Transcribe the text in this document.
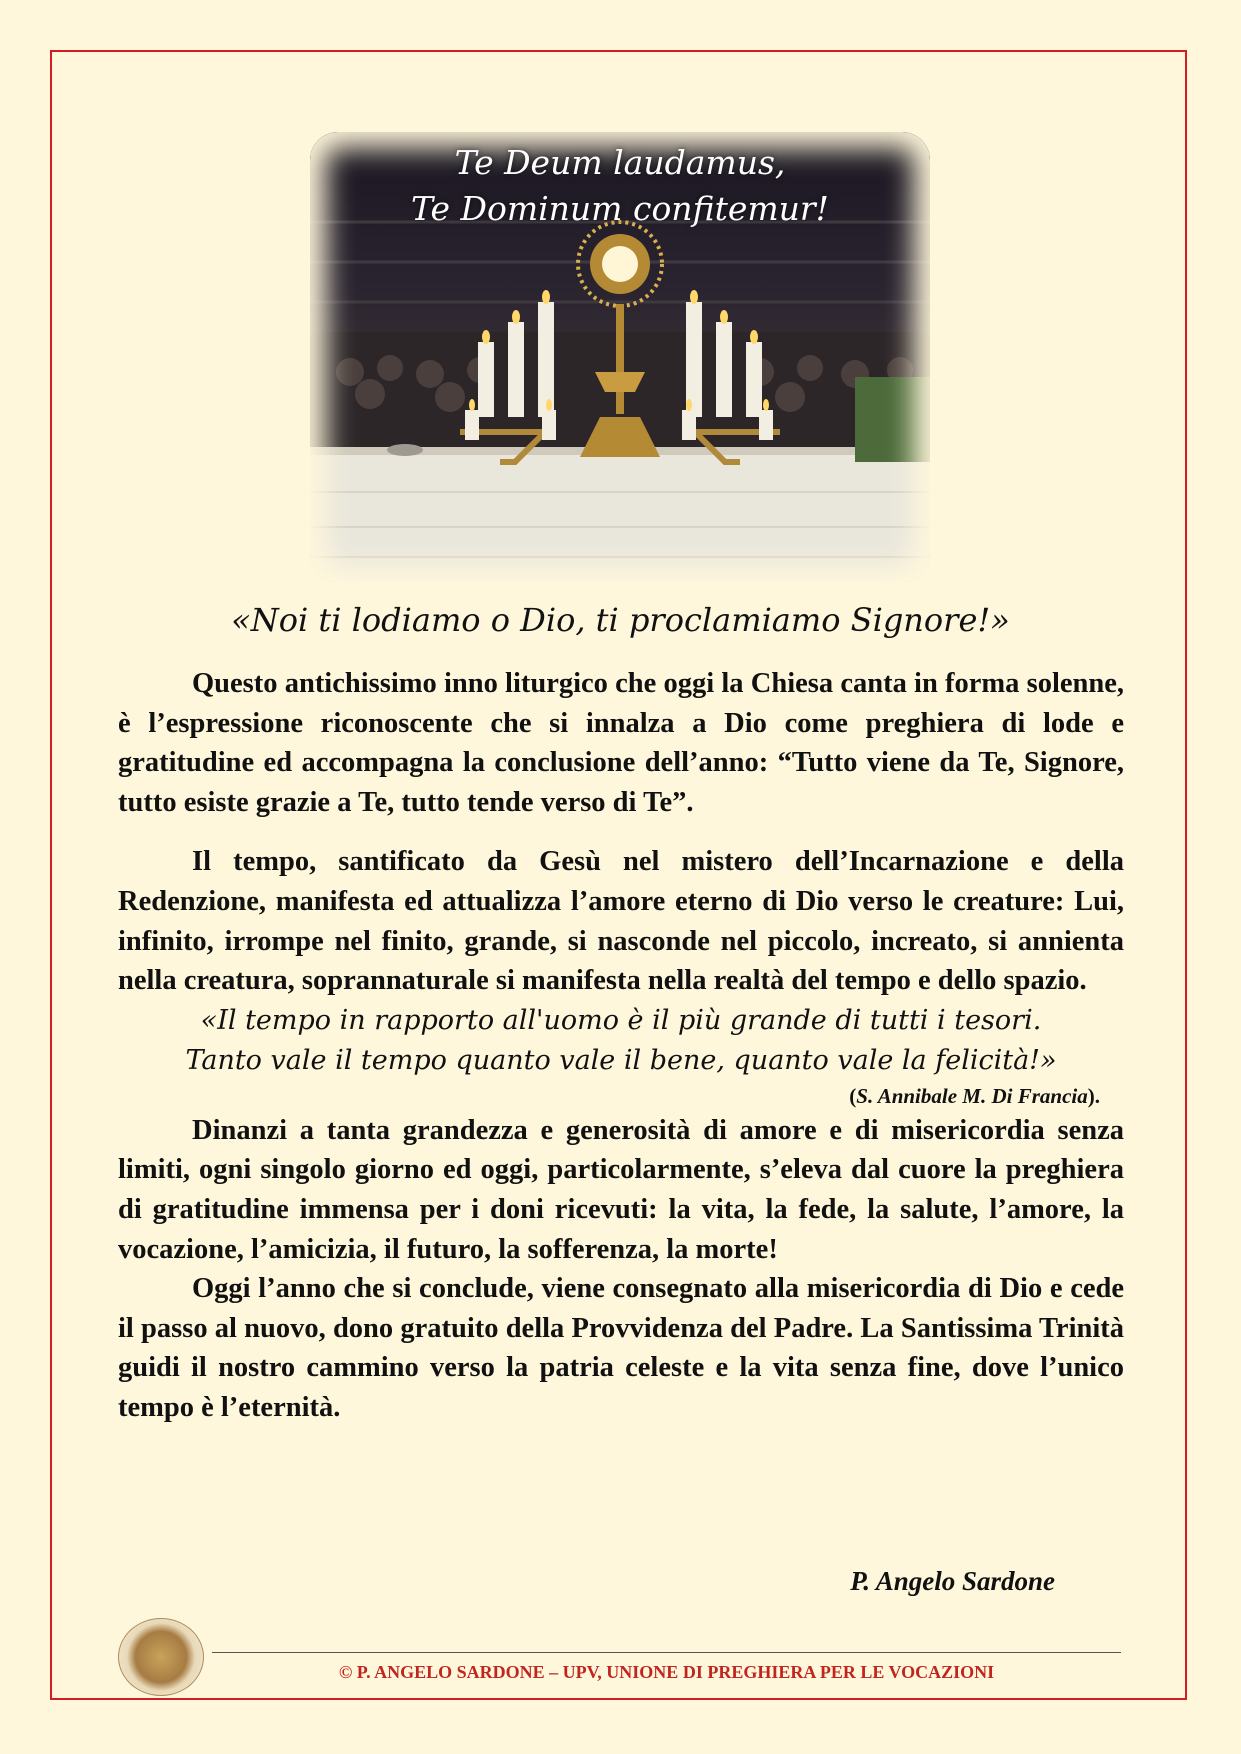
Te Deum laudamus,
Te Dominum confitemur!
«Noi ti lodiamo o Dio, ti proclamiamo Signore!»

Questo antichissimo inno liturgico che oggi la Chiesa canta in forma solenne, è l’espressione riconoscente che si innalza a Dio come preghiera di lode e gratitudine ed accompagna la conclusione dell’anno: “Tutto viene da Te, Signore, tutto esiste grazie a Te, tutto tende verso di Te”.

Il tempo, santificato da Gesù nel mistero dell’Incarnazione e della Redenzione, manifesta ed attualizza l’amore eterno di Dio verso le creature: Lui, infinito, irrompe nel finito, grande, si nasconde nel piccolo, increato, si annienta nella creatura, soprannaturale si manifesta nella realtà del tempo e dello spazio.

«Il tempo in rapporto all'uomo è il più grande di tutti i tesori.

Tanto vale il tempo quanto vale il bene, quanto vale la felicità!»

(S. Annibale M. Di Francia).

Dinanzi a tanta grandezza e generosità di amore e di misericordia senza limiti, ogni singolo giorno ed oggi, particolarmente, s’eleva dal cuore la preghiera di gratitudine immensa per i doni ricevuti: la vita, la fede, la salute, l’amore, la vocazione, l’amicizia, il futuro, la sofferenza, la morte!

Oggi l’anno che si conclude, viene consegnato alla misericordia di Dio e cede il passo al nuovo, dono gratuito della Provvidenza del Padre. La Santissima Trinità guidi il nostro cammino verso la patria celeste e la vita senza fine, dove l’unico tempo è l’eternità.

P. Angelo Sardone
© P. ANGELO SARDONE – UPV, UNIONE DI PREGHIERA PER LE VOCAZIONI
